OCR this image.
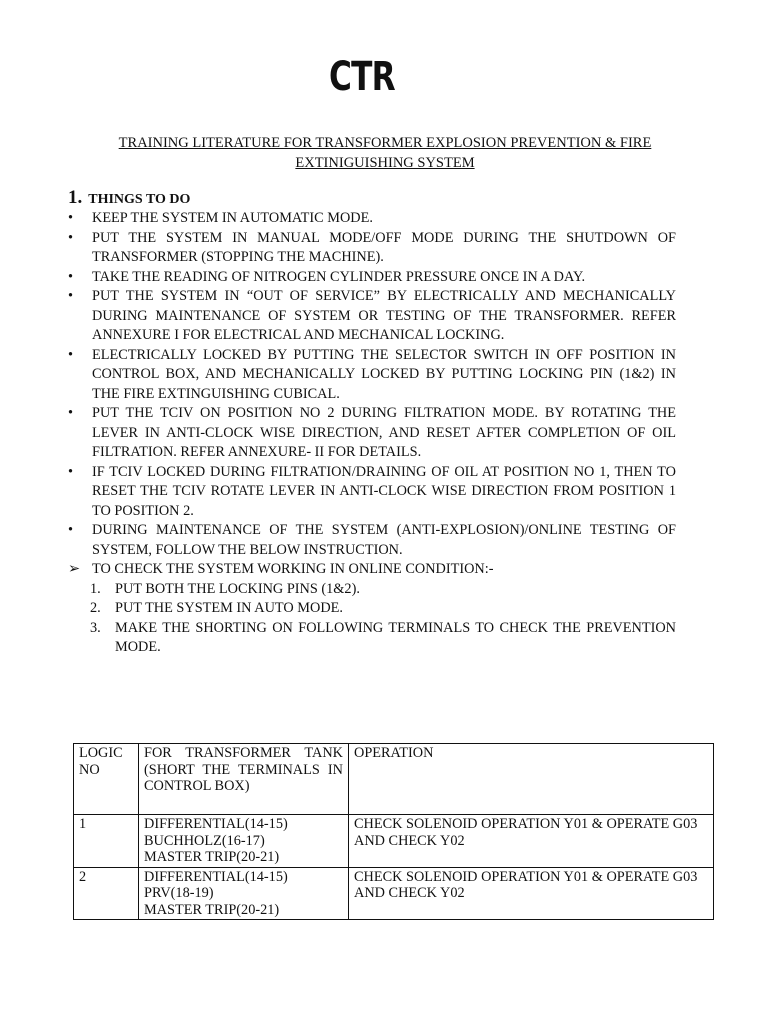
CTR
TRAINING LITERATURE FOR TRANSFORMER EXPLOSION PREVENTION & FIRE EXTINIGUISHING SYSTEM
1. THINGS TO DO
• KEEP THE SYSTEM IN AUTOMATIC MODE.
• PUT THE SYSTEM IN MANUAL MODE/OFF MODE DURING THE SHUTDOWN OF TRANSFORMER (STOPPING THE MACHINE).
• TAKE THE READING OF NITROGEN CYLINDER PRESSURE ONCE IN A DAY.
• PUT THE SYSTEM IN “OUT OF SERVICE” BY ELECTRICALLY AND MECHANICALLY DURING MAINTENANCE OF SYSTEM OR TESTING OF THE TRANSFORMER. REFER ANNEXURE I FOR ELECTRICAL AND MECHANICAL LOCKING.
• ELECTRICALLY LOCKED BY PUTTING THE SELECTOR SWITCH IN OFF POSITION IN CONTROL BOX, AND MECHANICALLY LOCKED BY PUTTING LOCKING PIN (1&2) IN THE FIRE EXTINGUISHING CUBICAL.
• PUT THE TCIV ON POSITION NO 2 DURING FILTRATION MODE. BY ROTATING THE LEVER IN ANTI-CLOCK WISE DIRECTION, AND RESET AFTER COMPLETION OF OIL FILTRATION. REFER ANNEXURE- II FOR DETAILS.
• IF TCIV LOCKED DURING FILTRATION/DRAINING OF OIL AT POSITION NO 1, THEN TO RESET THE TCIV ROTATE LEVER IN ANTI-CLOCK WISE DIRECTION FROM POSITION 1 TO POSITION 2.
• DURING MAINTENANCE OF THE SYSTEM (ANTI-EXPLOSION)/ONLINE TESTING OF SYSTEM, FOLLOW THE BELOW INSTRUCTION.
➢ TO CHECK THE SYSTEM WORKING IN ONLINE CONDITION:-
1. PUT BOTH THE LOCKING PINS (1&2).
2. PUT THE SYSTEM IN AUTO MODE.
3. MAKE THE SHORTING ON FOLLOWING TERMINALS TO CHECK THE PREVENTION MODE.
LOGIC NO	FOR TRANSFORMER TANK (SHORT THE TERMINALS IN CONTROL BOX)	OPERATION
1	DIFFERENTIAL(14-15)
BUCHHOLZ(16-17)
MASTER TRIP(20-21)	CHECK SOLENOID OPERATION Y01 & OPERATE G03 AND CHECK Y02
2	DIFFERENTIAL(14-15)
PRV(18-19)
MASTER TRIP(20-21)	CHECK SOLENOID OPERATION Y01 & OPERATE G03 AND CHECK Y02
